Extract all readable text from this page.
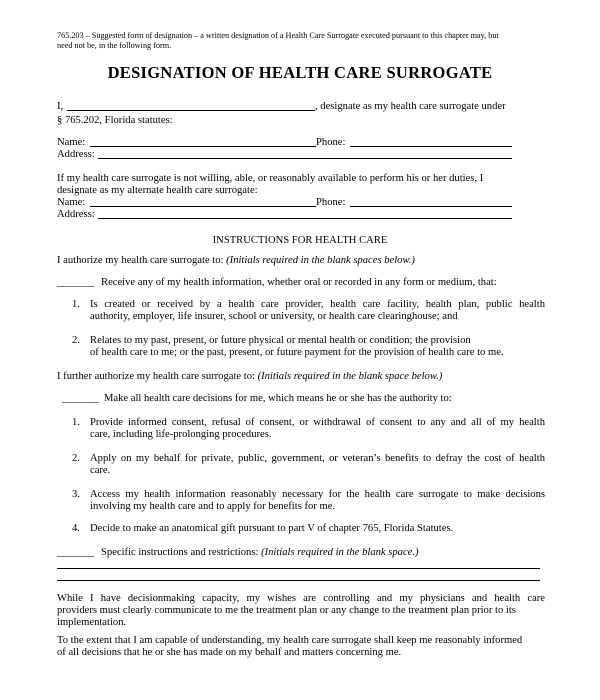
765.203 – Suggested form of designation – a written designation of a Health Care Surrogate executed pursuant to this chapter may, but
need not be, in the following form.
DESIGNATION OF HEALTH CARE SURROGATE
I,	, designate as my health care surrogate under
§ 765.202, Florida statutes:
Name:	Phone:
Address:
If my health care surrogate is not willing, able, or reasonably available to perform his or her duties, I
designate as my alternate health care surrogate:
Name:	Phone:
Address:
INSTRUCTIONS FOR HEALTH CARE
I authorize my health care surrogate to: (Initials required in the blank spaces below.)
_______ Receive any of my health information, whether oral or recorded in any form or medium, that:
1. Is created or received by a health care provider, health care facility, health plan, public health
authority, employer, life insurer, school or university, or health care clearinghouse; and
2. Relates to my past, present, or future physical or mental health or condition; the provision
of health care to me; or the past, present, or future payment for the provision of health care to me.
I further authorize my health care surrogate to: (Initials required in the blank space below.)
_______ Make all health care decisions for me, which means he or she has the authority to:
1. Provide informed consent, refusal of consent, or withdrawal of consent to any and all of my health
care, including life-prolonging procedures.
2. Apply on my behalf for private, public, government, or veteran’s benefits to defray the cost of health
care.
3. Access my health information reasonably necessary for the health care surrogate to make decisions
involving my health care and to apply for benefits for me.
4. Decide to make an anatomical gift pursuant to part V of chapter 765, Florida Statutes.
_______ Specific instructions and restrictions: (Initials required in the blank space.)
While I have decisionmaking capacity, my wishes are controlling and my physicians and health care
providers must clearly communicate to me the treatment plan or any change to the treatment plan prior to its
implementation.
To the extent that I am capable of understanding, my health care surrogate shall keep me reasonably informed
of all decisions that he or she has made on my behalf and matters concerning me.
